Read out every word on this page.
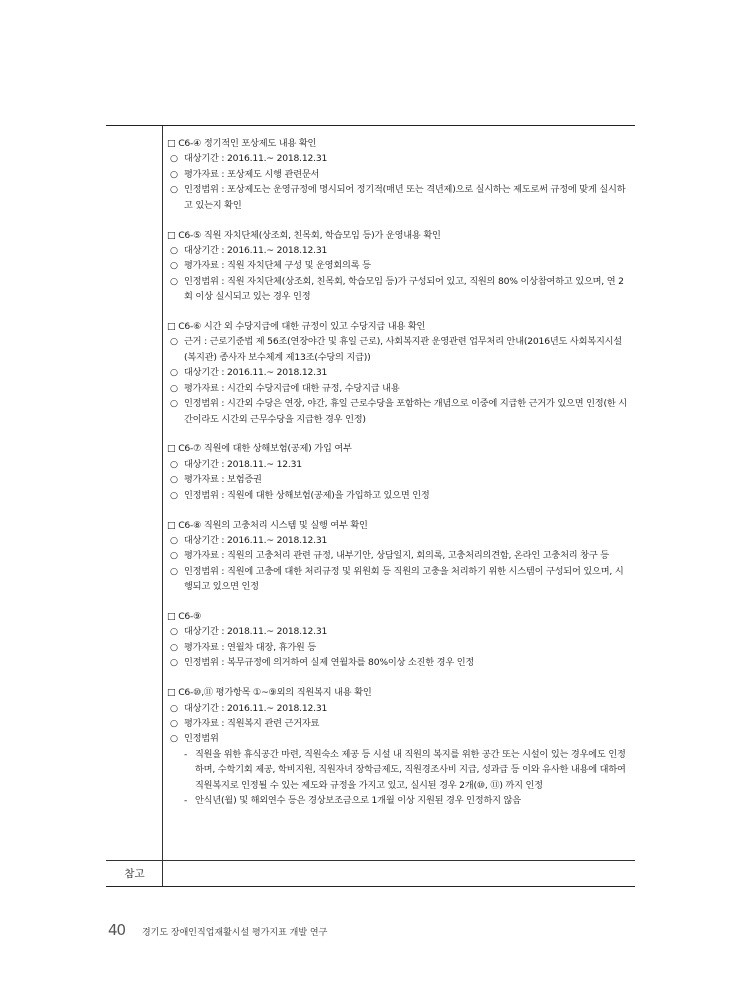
참고
□ C6-④ 정기적인 포상제도 내용 확인
○ 대상기간 : 2016.11.~ 2018.12.31
○ 평가자료 : 포상제도 시행 관련문서
○ 인정범위 : 포상제도는 운영규정에 명시되어 정기적(매년 또는 격년제)으로 실시하는 제도로써 규정에 맞게 실시하고 있는지 확인
□ C6-⑤ 직원 자치단체(상조회, 친목회, 학습모임 등)가 운영내용 확인
○ 대상기간 : 2016.11.~ 2018.12.31
○ 평가자료 : 직원 자치단체 구성 및 운영회의록 등
○ 인정범위 : 직원 자치단체(상조회, 친목회, 학습모임 등)가 구성되어 있고, 직원의 80% 이상참여하고 있으며, 연 2회 이상 실시되고 있는 경우 인정
□ C6-⑥ 시간 외 수당지급에 대한 규정이 있고 수당지급 내용 확인
○ 근거 : 근로기준법 제 56조(연장야간 및 휴일 근로), 사회복지관 운영관련 업무처리 안내(2016년도 사회복지시설(복지관) 종사자 보수체계 제13조(수당의 지급))
○ 대상기간 : 2016.11.~ 2018.12.31
○ 평가자료 : 시간외 수당지급에 대한 규정, 수당지급 내용
○ 인정범위 : 시간외 수당은 연장, 야간, 휴일 근로수당을 포함하는 개념으로 이중에 지급한 근거가 있으면 인정(한 시간이라도 시간외 근무수당을 지급한 경우 인정)
□ C6-⑦ 직원에 대한 상해보험(공제) 가입 여부
○ 대상기간 : 2018.11.~ 12.31
○ 평가자료 : 보험증권
○ 인정범위 : 직원에 대한 상해보험(공제)을 가입하고 있으면 인정
□ C6-⑧ 직원의 고충처리 시스템 및 실행 여부 확인
○ 대상기간 : 2016.11.~ 2018.12.31
○ 평가자료 : 직원의 고충처리 관련 규정, 내부기안, 상담일지, 회의록, 고충처리의견함, 온라인 고충처리 창구 등
○ 인정범위 : 직원에 고충에 대한 처리규정 및 위원회 등 직원의 고충을 처리하기 위한 시스템이 구성되어 있으며, 시행되고 있으면 인정
□ C6-⑨
○ 대상기간 : 2018.11.~ 2018.12.31
○ 평가자료 : 연월차 대장, 휴가원 등
○ 인정범위 : 복무규정에 의거하여 실제 연월차를 80%이상 소진한 경우 인정
□ C6-⑩,⑪ 평가항목 ①~⑨외의 직원복지 내용 확인
○ 대상기간 : 2016.11.~ 2018.12.31
○ 평가자료 : 직원복지 관련 근거자료
○ 인정범위
- 직원을 위한 휴식공간 마련, 직원숙소 제공 등 시설 내 직원의 복지를 위한 공간 또는 시설이 있는 경우에도 인정하며, 수학기회 제공, 학비지원, 직원자녀 장학금제도, 직원경조사비 지급, 성과급 등 이와 유사한 내용에 대하여 직원복지로 인정될 수 있는 제도와 규정을 가지고 있고, 실시된 경우 2개(⑩, ⑪) 까지 인정
- 안식년(월) 및 해외연수 등은 경상보조금으로 1개월 이상 지원된 경우 인정하지 않음
40 경기도 장애인직업재활시설 평가지표 개발 연구
